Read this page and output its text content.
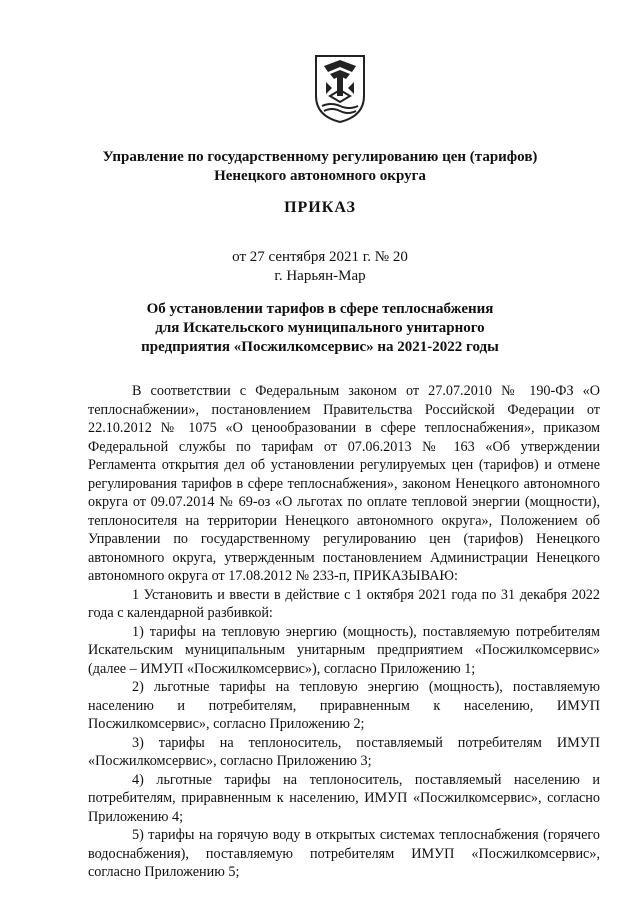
Управление по государственному регулированию цен (тарифов)
Ненецкого автономного округа
ПРИКАЗ
от 27 сентября 2021 г. № 20
г. Нарьян-Мар
Об установлении тарифов в сфере теплоснабжения
для Искательского муниципального унитарного
предприятия «Посжилкомсервис» на 2021-2022 годы

В соответствии с Федеральным законом от 27.07.2010 № 190-ФЗ «О теплоснабжении», постановлением Правительства Российской Федерации от 22.10.2012 № 1075 «О ценообразовании в сфере теплоснабжения», приказом Федеральной службы по тарифам от 07.06.2013 № 163 «Об утверждении Регламента открытия дел об установлении регулируемых цен (тарифов) и отмене регулирования тарифов в сфере теплоснабжения», законом Ненецкого автономного округа от 09.07.2014 № 69-оз «О льготах по оплате тепловой энергии (мощности), теплоносителя на территории Ненецкого автономного округа», Положением об Управлении по государственному регулированию цен (тарифов) Ненецкого автономного округа, утвержденным постановлением Администрации Ненецкого автономного округа от 17.08.2012 № 233-п, ПРИКАЗЫВАЮ:

1 Установить и ввести в действие с 1 октября 2021 года по 31 декабря 2022 года с календарной разбивкой:

1) тарифы на тепловую энергию (мощность), поставляемую потребителям Искательским муниципальным унитарным предприятием «Посжилкомсервис» (далее – ИМУП «Посжилкомсервис»), согласно Приложению 1;

2) льготные тарифы на тепловую энергию (мощность), поставляемую населению и потребителям, приравненным к населению, ИМУП Посжилкомсервис», согласно Приложению 2;

3) тарифы на теплоноситель, поставляемый потребителям ИМУП «Посжилкомсервис», согласно Приложению 3;

4) льготные тарифы на теплоноситель, поставляемый населению и потребителям, приравненным к населению, ИМУП «Посжилкомсервис», согласно Приложению 4;

5) тарифы на горячую воду в открытых системах теплоснабжения (горячего водоснабжения), поставляемую потребителям ИМУП «Посжилкомсервис», согласно Приложению 5;
